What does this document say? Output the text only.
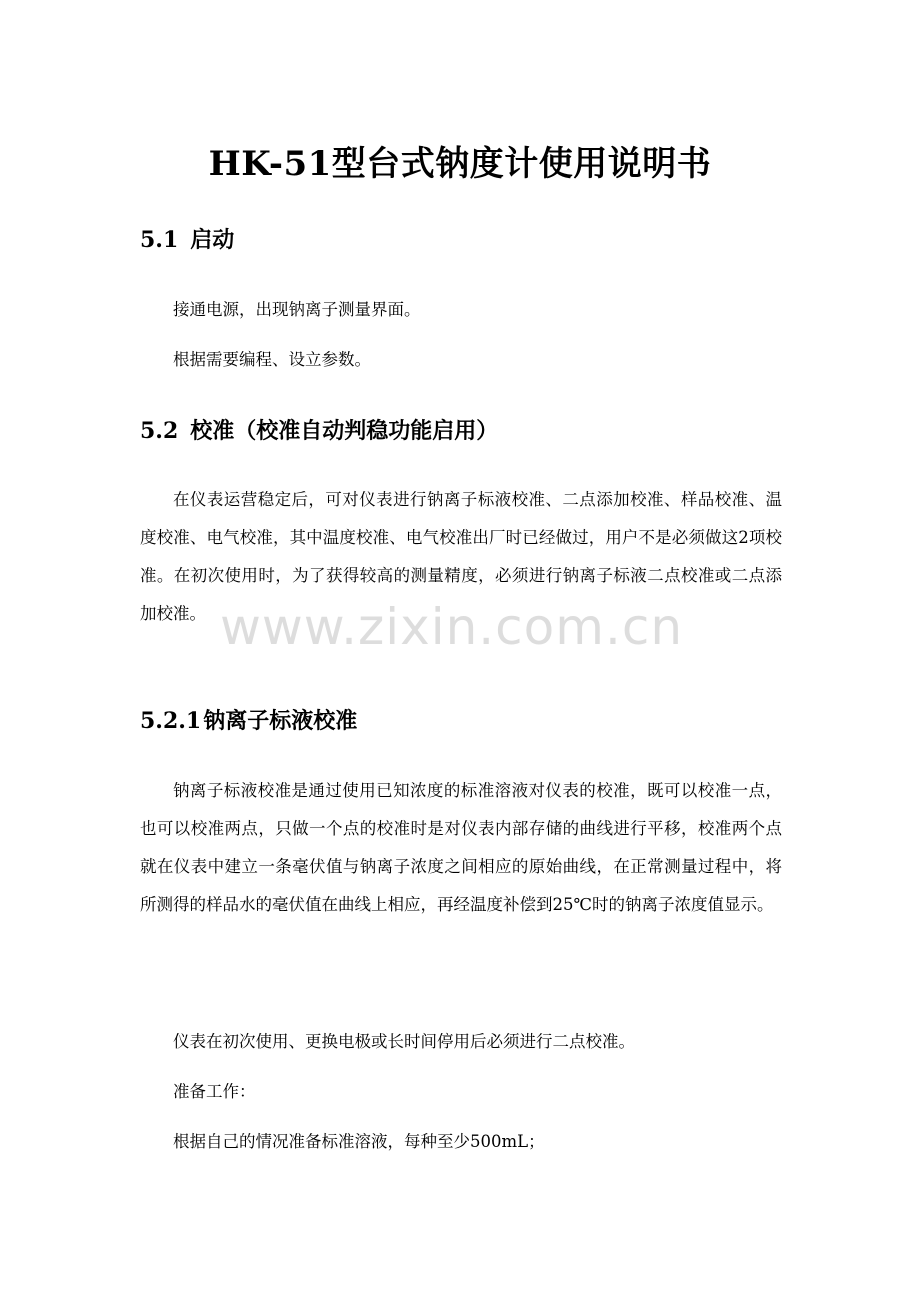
HK-51型台式钠度计使用说明书
5.1 启动

接通电源，出现钠离子测量界面。

根据需要编程、设立参数。

5.2 校准（校准自动判稳功能启用）

在仪表运营稳定后，可对仪表进行钠离子标液校准、二点添加校准、样品校准、温度校准、电气校准，其中温度校准、电气校准出厂时已经做过，用户不是必须做这2项校准。在初次使用时，为了获得较高的测量精度，必须进行钠离子标液二点校准或二点添加校准。

5.2.1钠离子标液校准

钠离子标液校准是通过使用已知浓度的标准溶液对仪表的校准，既可以校准一点，也可以校准两点，只做一个点的校准时是对仪表内部存储的曲线进行平移，校准两个点就在仪表中建立一条毫伏值与钠离子浓度之间相应的原始曲线，在正常测量过程中，将所测得的样品水的毫伏值在曲线上相应，再经温度补偿到25℃时的钠离子浓度值显示。

仪表在初次使用、更换电极或长时间停用后必须进行二点校准。

准备工作：

根据自己的情况准备标准溶液，每种至少500mL；

www.zixin.com.cn
